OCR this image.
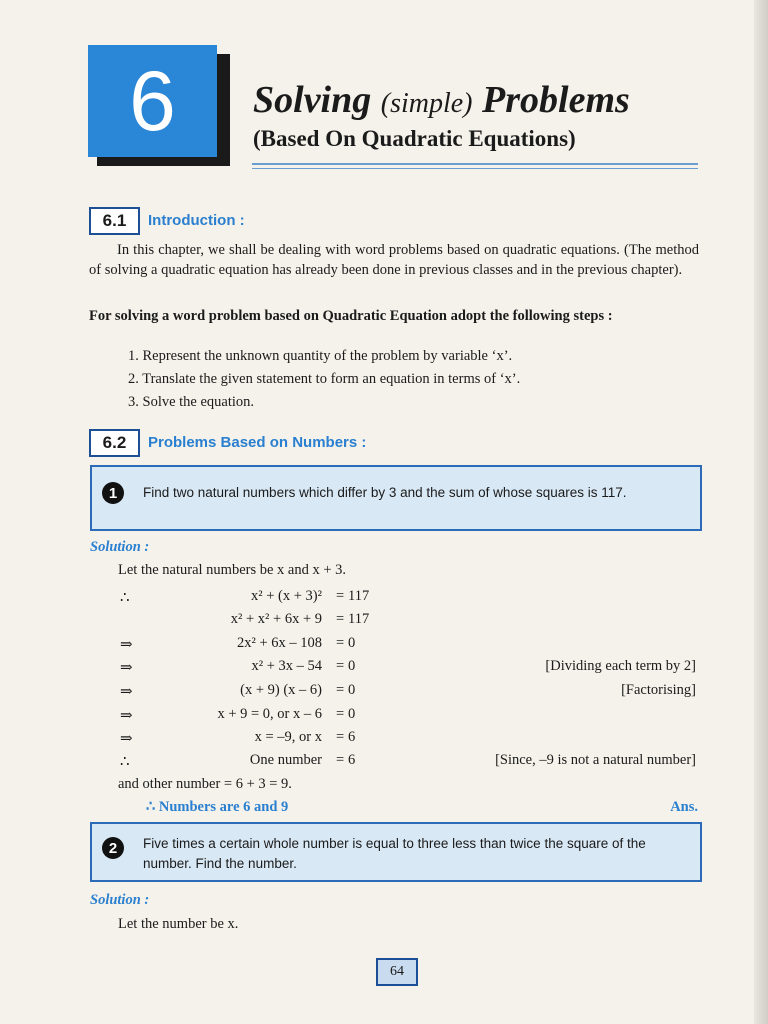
6 Solving (simple) Problems
(Based On Quadratic Equations)
6.1	Introduction :
In this chapter, we shall be dealing with word problems based on quadratic equations. (The method of solving a quadratic equation has already been done in previous classes and in the previous chapter).
For solving a word problem based on Quadratic Equation adopt the following steps :
1. Represent the unknown quantity of the problem by variable ‘x’.
2. Translate the given statement to form an equation in terms of ‘x’.
3. Solve the equation.
6.2	Problems Based on Numbers :
1	Find two natural numbers which differ by 3 and the sum of whose squares is 117.
Solution :
Let the natural numbers be x and x + 3.
∴	x² + (x + 3)² = 117
x² + x² + 6x + 9 = 117
⇒	2x² + 6x – 108 = 0
⇒	x² + 3x – 54 = 0	[Dividing each term by 2]
⇒	(x + 9) (x – 6) = 0	[Factorising]
⇒	x + 9 = 0, or x – 6 = 0
⇒	x = –9, or x = 6
∴	One number = 6	[Since, –9 is not a natural number]
and other number = 6 + 3 = 9.
∴ Numbers are 6 and 9	Ans.
2	Five times a certain whole number is equal to three less than twice the square of the number. Find the number.
Solution :
Let the number be x.
64
